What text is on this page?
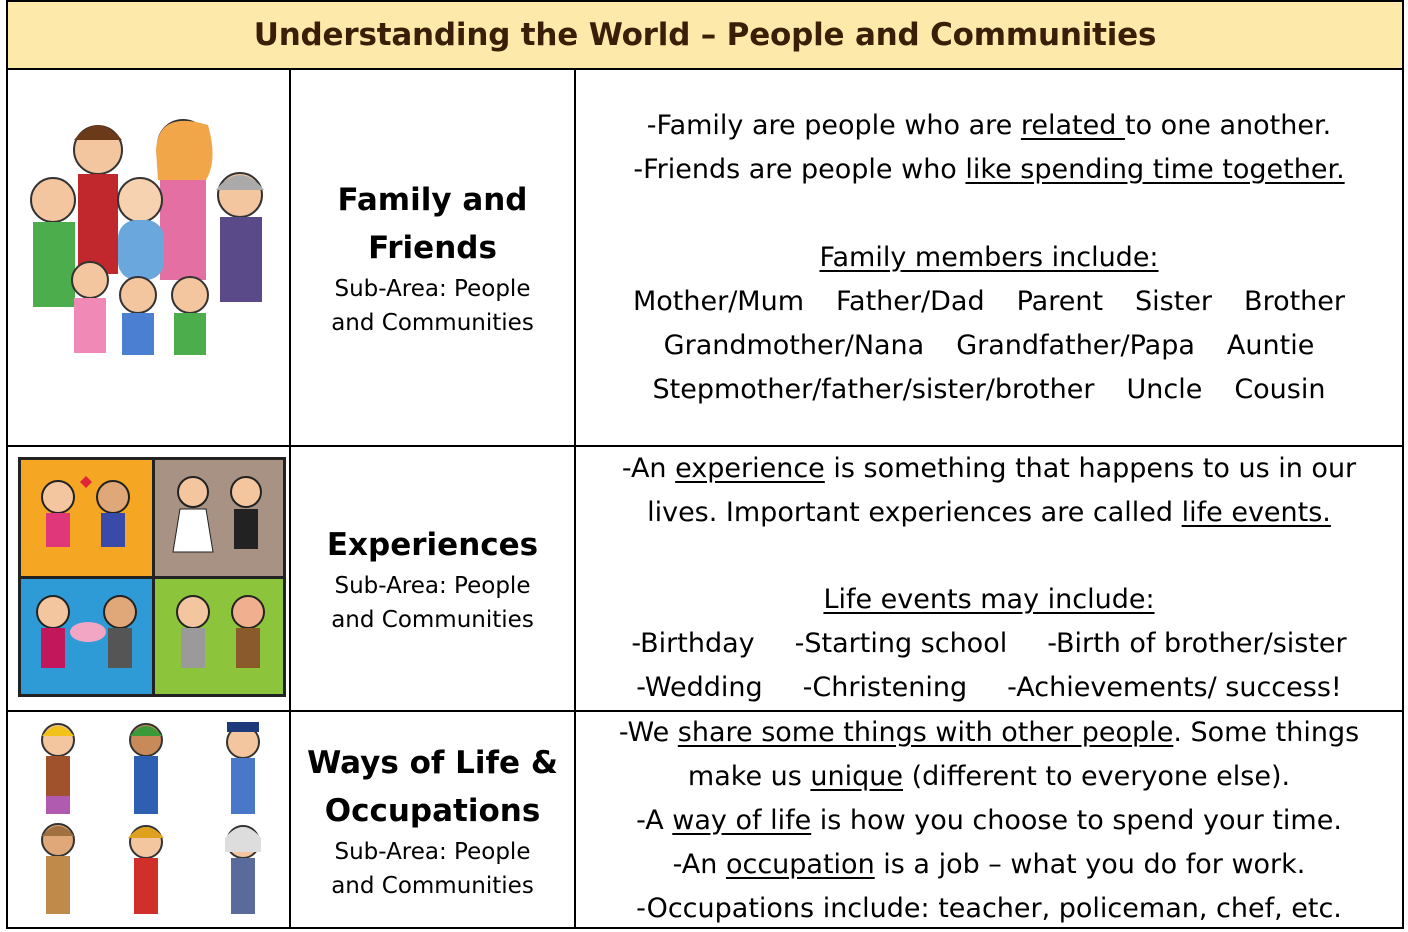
Understanding the World – People and Communities
Family and
Friends
Sub-Area: People
and Communities
-Family are people who are related to one another.
-Friends are people who like spending time together.
Family members include:
Mother/Mum Father/Dad Parent Sister Brother
Grandmother/Nana Grandfather/Papa Auntie
Stepmother/father/sister/brother Uncle Cousin
Experiences
Sub-Area: People
and Communities
-An experience is something that happens to us in our
lives. Important experiences are called life events.
Life events may include:
-Birthday -Starting school -Birth of brother/sister
-Wedding -Christening -Achievements/ success!
Ways of Life &
Occupations
Sub-Area: People
and Communities
-We share some things with other people. Some things
make us unique (different to everyone else).
-A way of life is how you choose to spend your time.
-An occupation is a job – what you do for work.
-Occupations include: teacher, policeman, chef, etc.
